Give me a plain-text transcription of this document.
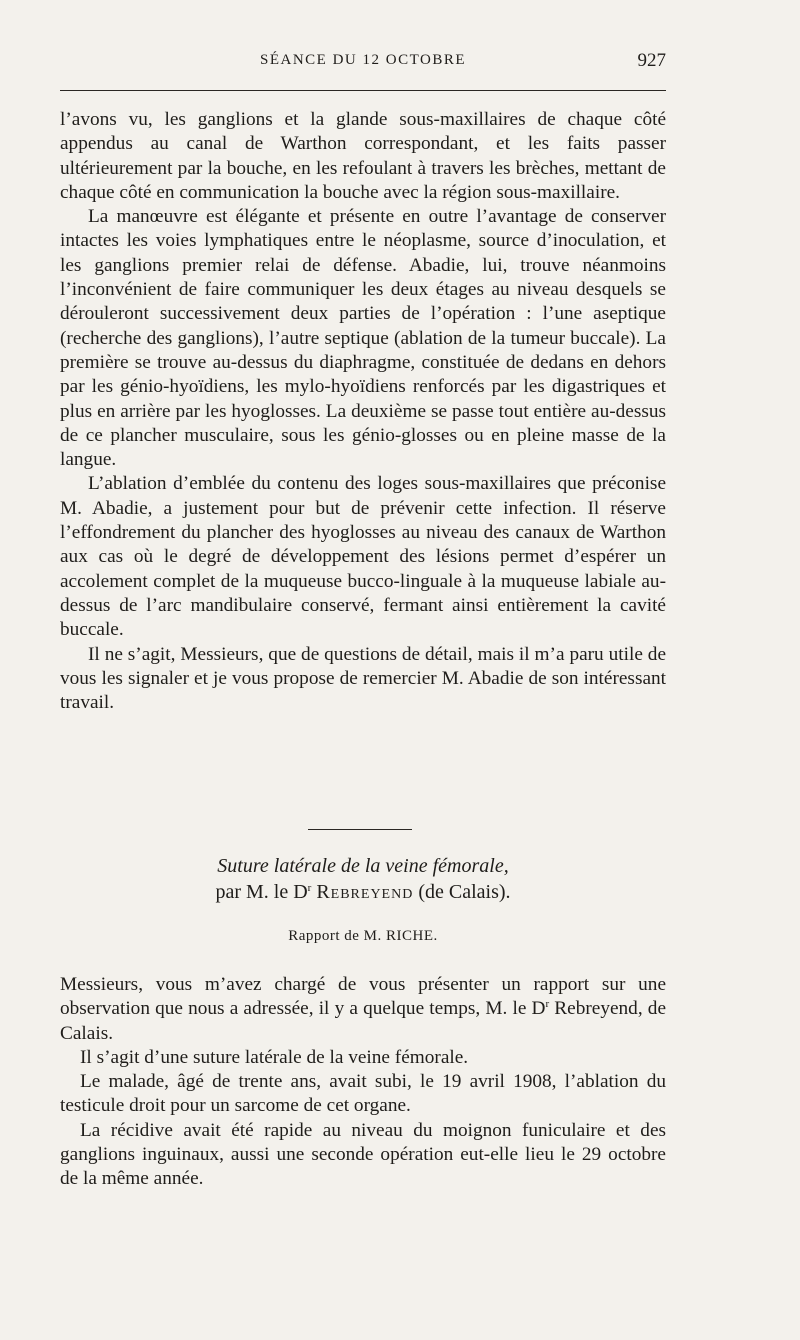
SÉANCE DU 12 OCTOBRE	927

l’avons vu, les ganglions et la glande sous-maxillaires de chaque côté appendus au canal de Warthon correspondant, et les faits passer ultérieurement par la bouche, en les refoulant à travers les brèches, mettant de chaque côté en communication la bouche avec la région sous-maxillaire.

La manœuvre est élégante et présente en outre l’avantage de conserver intactes les voies lymphatiques entre le néoplasme, source d’inoculation, et les ganglions premier relai de défense. Abadie, lui, trouve néanmoins l’inconvénient de faire communiquer les deux étages au niveau desquels se dérouleront successivement deux parties de l’opération : l’une aseptique (recherche des ganglions), l’autre septique (ablation de la tumeur buccale). La première se trouve au-dessus du diaphragme, constituée de dedans en dehors par les génio-hyoïdiens, les mylo-hyoïdiens renforcés par les digastriques et plus en arrière par les hyoglosses. La deuxième se passe tout entière au-dessus de ce plancher musculaire, sous les génio-glosses ou en pleine masse de la langue.

L’ablation d’emblée du contenu des loges sous-maxillaires que préconise M. Abadie, a justement pour but de prévenir cette infection. Il réserve l’effondrement du plancher des hyoglosses au niveau des canaux de Warthon aux cas où le degré de développement des lésions permet d’espérer un accolement complet de la muqueuse bucco-linguale à la muqueuse labiale au-dessus de l’arc mandibulaire conservé, fermant ainsi entièrement la cavité buccale.

Il ne s’agit, Messieurs, que de questions de détail, mais il m’a paru utile de vous les signaler et je vous propose de remercier M. Abadie de son intéressant travail.

Suture latérale de la veine fémorale,
par M. le $D^r$ Rebreyend (de Calais).
Rapport de M. RICHE.

Messieurs, vous m’avez chargé de vous présenter un rapport sur une observation que nous a adressée, il y a quelque temps, M. le $D^r$ Rebreyend, de Calais.

Il s’agit d’une suture latérale de la veine fémorale.

Le malade, âgé de trente ans, avait subi, le 19 avril 1908, l’ablation du testicule droit pour un sarcome de cet organe.

La récidive avait été rapide au niveau du moignon funiculaire et des ganglions inguinaux, aussi une seconde opération eut-elle lieu le 29 octobre de la même année.
